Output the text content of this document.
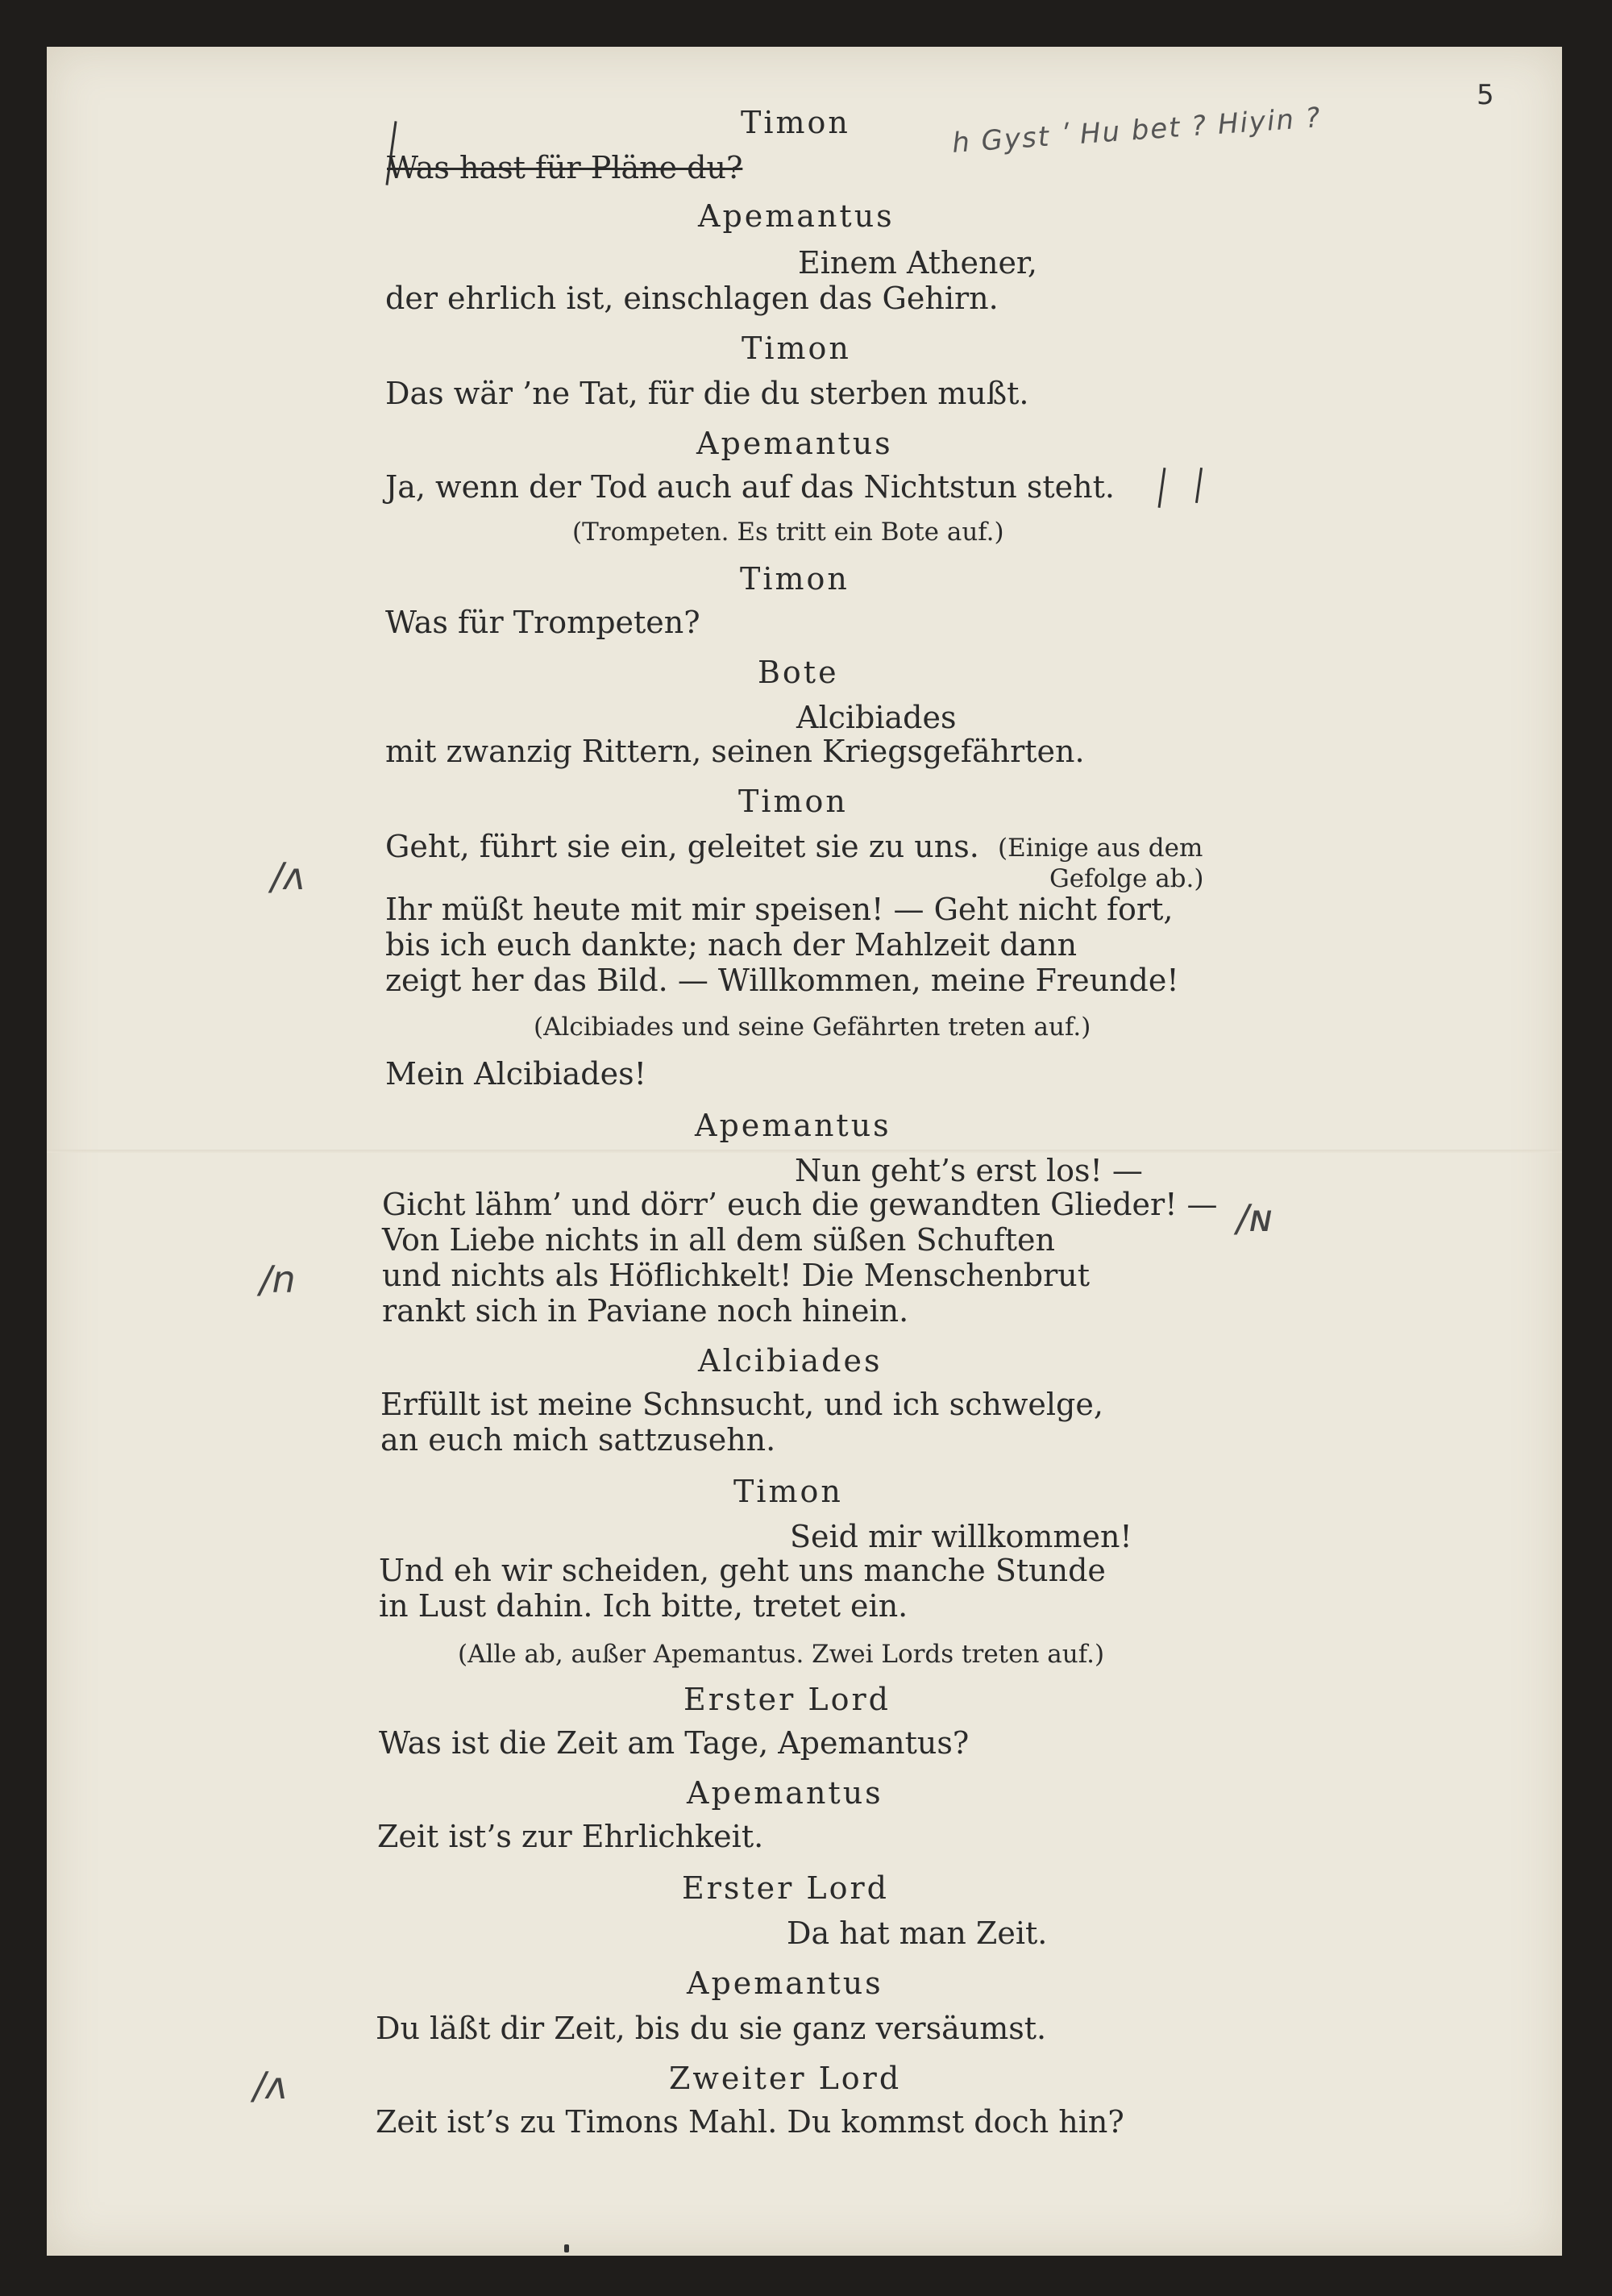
5
h Gyst ʹ Hu bet ? Hiyin ?
/ʌ
/n
/ɴ
/ʌ
Timon
Was hast für Pläne du?
Apemantus
Einem Athener,
der ehrlich ist, einschlagen das Gehirn.
Timon
Das wär ’ne Tat, für die du sterben mußt.
Apemantus
Ja, wenn der Tod auch auf das Nichtstun steht.
(Trompeten. Es tritt ein Bote auf.)
Timon
Was für Trompeten?
Bote
Alcibiades
mit zwanzig Rittern, seinen Kriegsgefährten.
Timon
Geht, führt sie ein, geleitet sie zu uns. (Einige aus dem
Gefolge ab.)
Ihr müßt heute mit mir speisen! — Geht nicht fort,
bis ich euch dankte; nach der Mahlzeit dann
zeigt her das Bild. — Willkommen, meine Freunde!
(Alcibiades und seine Gefährten treten auf.)
Mein Alcibiades!
Apemantus
Nun geht’s erst los! —
Gicht lähm’ und dörr’ euch die gewandten Glieder! —
Von Liebe nichts in all dem süßen Schuften
und nichts als Höflichkelt! Die Menschenbrut
rankt sich in Paviane noch hinein.
Alcibiades
Erfüllt ist meine Schnsucht, und ich schwelge,
an euch mich sattzusehn.
Timon
Seid mir willkommen!
Und eh wir scheiden, geht uns manche Stunde
in Lust dahin. Ich bitte, tretet ein.
(Alle ab, außer Apemantus. Zwei Lords treten auf.)
Erster Lord
Was ist die Zeit am Tage, Apemantus?
Apemantus
Zeit ist’s zur Ehrlichkeit.
Erster Lord
Da hat man Zeit.
Apemantus
Du läßt dir Zeit, bis du sie ganz versäumst.
Zweiter Lord
Zeit ist’s zu Timons Mahl. Du kommst doch hin?
